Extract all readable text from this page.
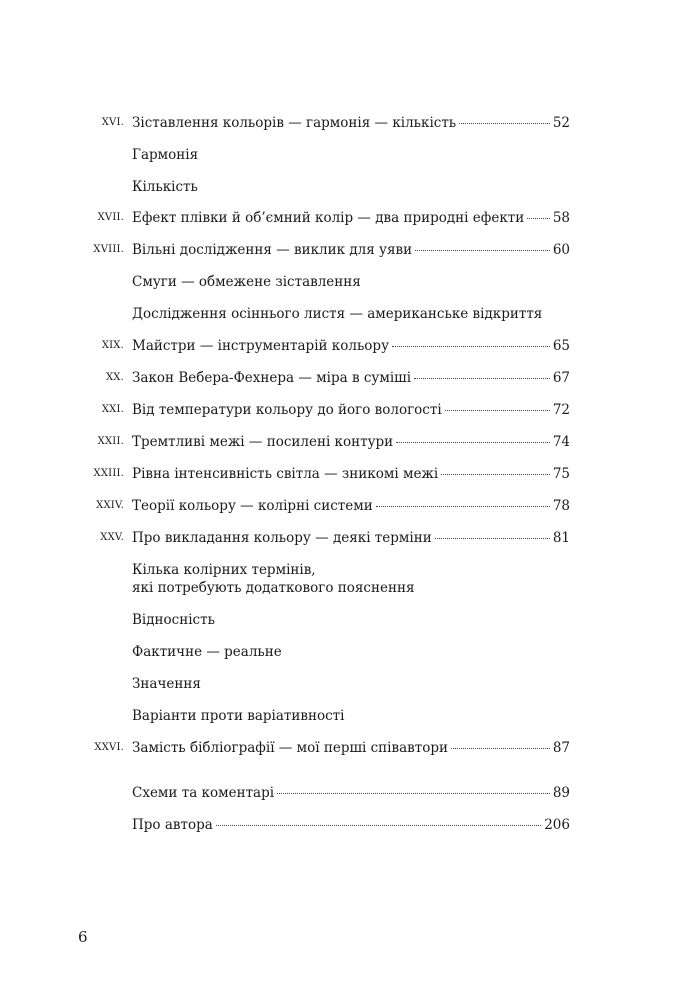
XVI. Зіставлення кольорів — гармонія — кількість	52
Гармонія
Кількість
XVII. Ефект плівки й об’ємний колір — два природні ефекти 58
XVIII. Вільні дослідження — виклик для уяви	60
Смуги — обмежене зіставлення
Дослідження осіннього листя — американське відкриття
XIX. Майстри — інструментарій кольору	65
XX. Закон Вебера-Фехнера — міра в суміші	67
XXI. Від температури кольору до його вологості	72
XXII. Тремтливі межі — посилені контури	74
XXIII. Рівна інтенсивність світла — зникомі межі	75
XXIV. Теорії кольору — колірні системи	78
XXV. Про викладання кольору — деякі терміни	81
Кілька колірних термінів,
які потребують додаткового пояснення
Відносність
Фактичне — реальне
Значення
Варіанти проти варіативності
XXVI. Замість бібліографії — мої перші співавтори	87
Схеми та коментарі	89
Про автора	206
6
